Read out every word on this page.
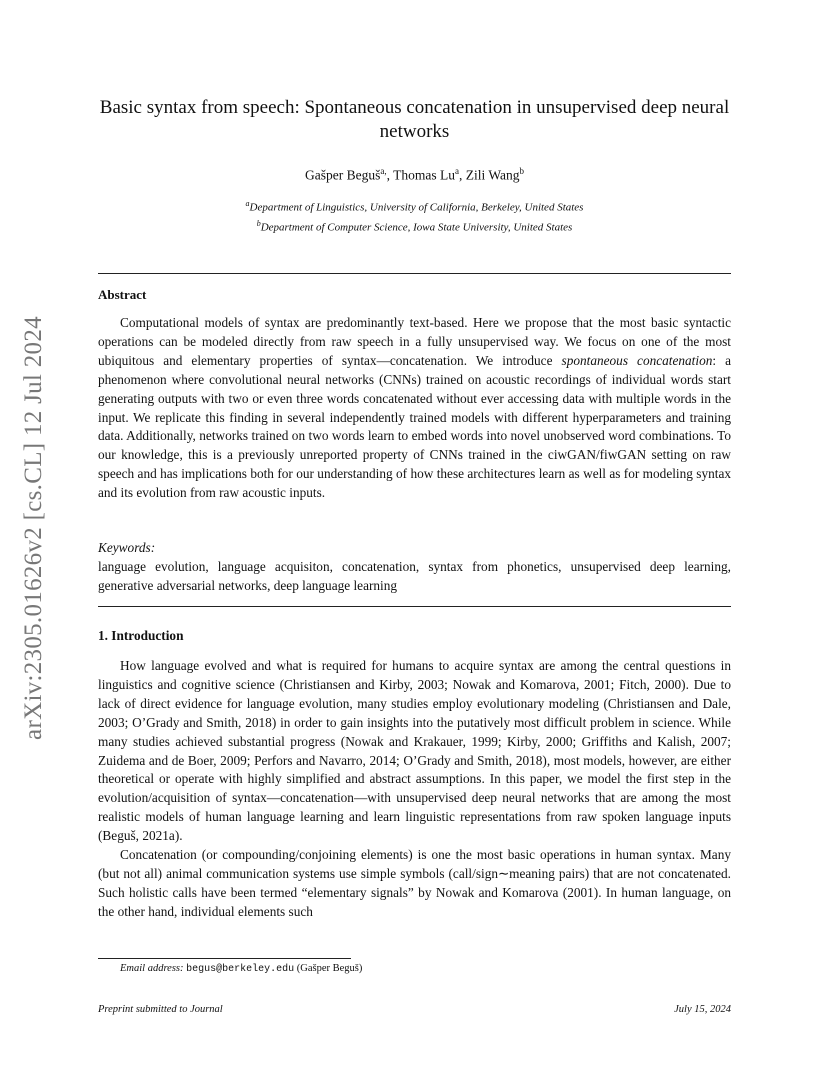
arXiv:2305.01626v2 [cs.CL] 12 Jul 2024
Basic syntax from speech: Spontaneous concatenation in unsupervised deep neural networks
Gašper Beguš$^{a,}$, Thomas Lu$^a$, Zili Wang$^b$
$^a$Department of Linguistics, University of California, Berkeley, United States
$^b$Department of Computer Science, Iowa State University, United States
Abstract

Computational models of syntax are predominantly text-based. Here we propose that the most basic syntactic operations can be modeled directly from raw speech in a fully unsupervised way. We focus on one of the most ubiquitous and elementary properties of syntax—concatenation. We introduce spontaneous concatenation: a phenomenon where convolutional neural networks (CNNs) trained on acoustic recordings of individual words start generating outputs with two or even three words concatenated without ever accessing data with multiple words in the input. We replicate this finding in several independently trained models with different hyperparameters and training data. Additionally, networks trained on two words learn to embed words into novel unobserved word combinations. To our knowledge, this is a previously unreported property of CNNs trained in the ciwGAN/fiwGAN setting on raw speech and has implications both for our understanding of how these architectures learn as well as for modeling syntax and its evolution from raw acoustic inputs.

Keywords:

language evolution, language acquisiton, concatenation, syntax from phonetics, unsupervised deep learning, generative adversarial networks, deep language learning

1. Introduction

How language evolved and what is required for humans to acquire syntax are among the central questions in linguistics and cognitive science (Christiansen and Kirby, 2003; Nowak and Komarova, 2001; Fitch, 2000). Due to lack of direct evidence for language evolution, many studies employ evolutionary modeling (Christiansen and Dale, 2003; O’Grady and Smith, 2018) in order to gain insights into the putatively most difficult problem in science. While many studies achieved substantial progress (Nowak and Krakauer, 1999; Kirby, 2000; Griffiths and Kalish, 2007; Zuidema and de Boer, 2009; Perfors and Navarro, 2014; O’Grady and Smith, 2018), most models, however, are either theoretical or operate with highly simplified and abstract assumptions. In this paper, we model the first step in the evolution/acquisition of syntax—concatenation—with unsupervised deep neural networks that are among the most realistic models of human language learning and learn linguistic representations from raw spoken language inputs (Beguš, 2021a).

Concatenation (or compounding/conjoining elements) is one the most basic operations in human syntax. Many (but not all) animal communication systems use simple symbols (call/sign∼meaning pairs) that are not concatenated. Such holistic calls have been termed “elementary signals” by Nowak and Komarova (2001). In human language, on the other hand, individual elements such

Email address: begus@berkeley.edu (Gašper Beguš)
Preprint submitted to Journal	July 15, 2024
